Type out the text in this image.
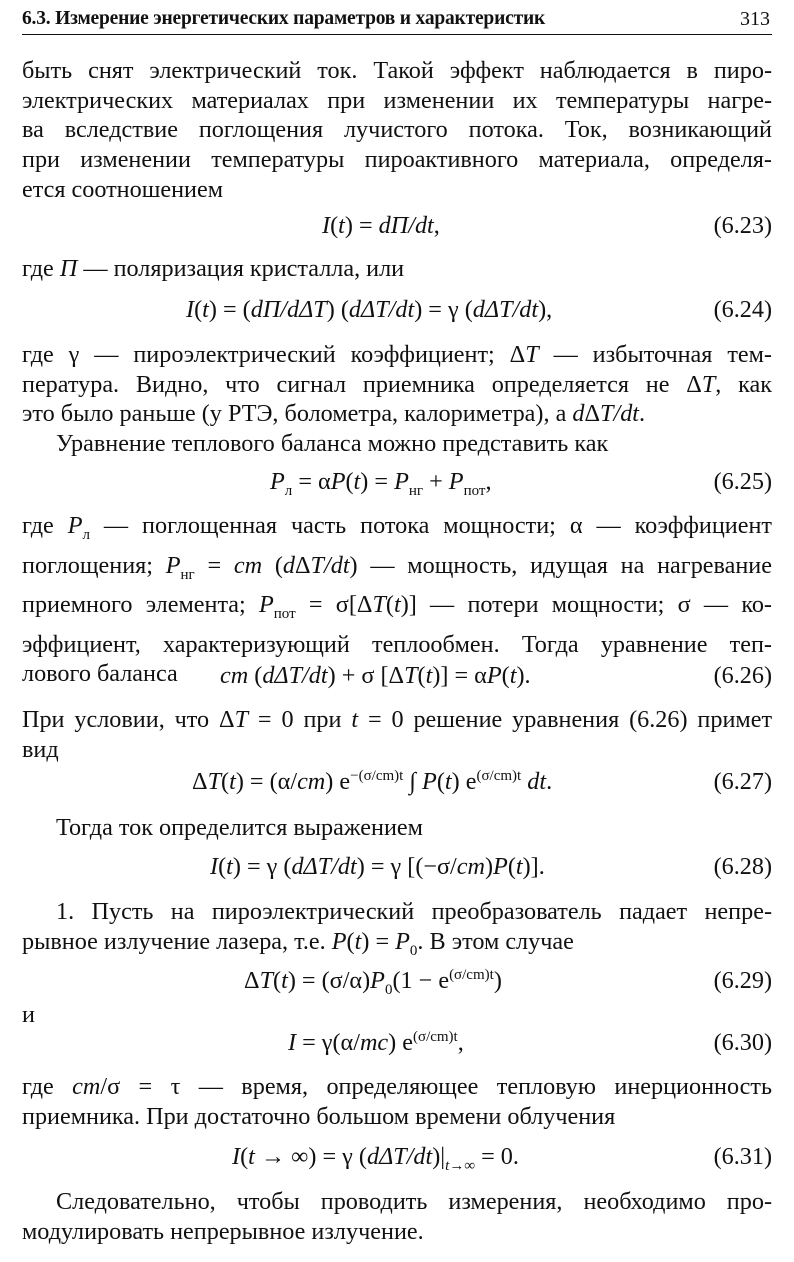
6.3. Измерение энергетических параметров и характеристик	313
быть снят электрический ток. Такой эффект наблюдается в пиро-
электрических материалах при изменении их температуры нагре-
ва вследствие поглощения лучистого потока. Ток, возникающий
при изменении температуры пироактивного материала, определя-
ется соотношением
I(t) = dΠ/dt,	(6.23)
где Π — поляризация кристалла, или
I(t) = (dΠ/dΔT) (dΔT/dt) = γ (dΔT/dt),	(6.24)
где γ — пироэлектрический коэффициент; ΔT — избыточная тем-
пература. Видно, что сигнал приемника определяется не ΔT, как
это было раньше (у РТЭ, болометра, калориметра), а dΔT/dt.
Уравнение теплового баланса можно представить как
$P_л = \alpha P(t) = P_{нг} + P_{пот}$,	(6.25)
где $P_л$ — поглощенная часть потока мощности; α — коэффициент
поглощения; $P_{нг}$ = cm (dΔT/dt) — мощность, идущая на нагревание
приемного элемента; $P_{пот} = \sigma[\Delta T(t)]$ — потери мощности; σ — ко-
эффициент, характеризующий теплообмен. Тогда уравнение теп-
лового баланса	cm (dΔT/dt) + σ [ΔT(t)] = αP(t).	(6.26)
При условии, что ΔT = 0 при t = 0 решение уравнения (6.26) примет
вид
ΔT(t) = (α/cm) $e^{-(\sigma/cm)t}$ ∫ P(t) $e^{(\sigma/cm)t}$ dt.	(6.27)
Тогда ток определится выражением
I(t) = γ (dΔT/dt) = γ [(−σ/cm)P(t)].	(6.28)
1. Пусть на пироэлектрический преобразователь падает непре-
рывное излучение лазера, т.е. $P(t) = P_0$. В этом случае
$\Delta T(t) = (\sigma/\alpha)P_0(1 - e^{(\sigma/cm)t})$	(6.29)
и
I = γ(α/mc) $e^{(\sigma/cm)t}$,	(6.30)
где cm/σ = τ — время, определяющее тепловую инерционность
приемника. При достаточно большом времени облучения
I(t → ∞) = γ $(d\Delta T/dt)|_{t\to\infty} = 0$.	(6.31)
Следовательно, чтобы проводить измерения, необходимо про-
модулировать непрерывное излучение.
